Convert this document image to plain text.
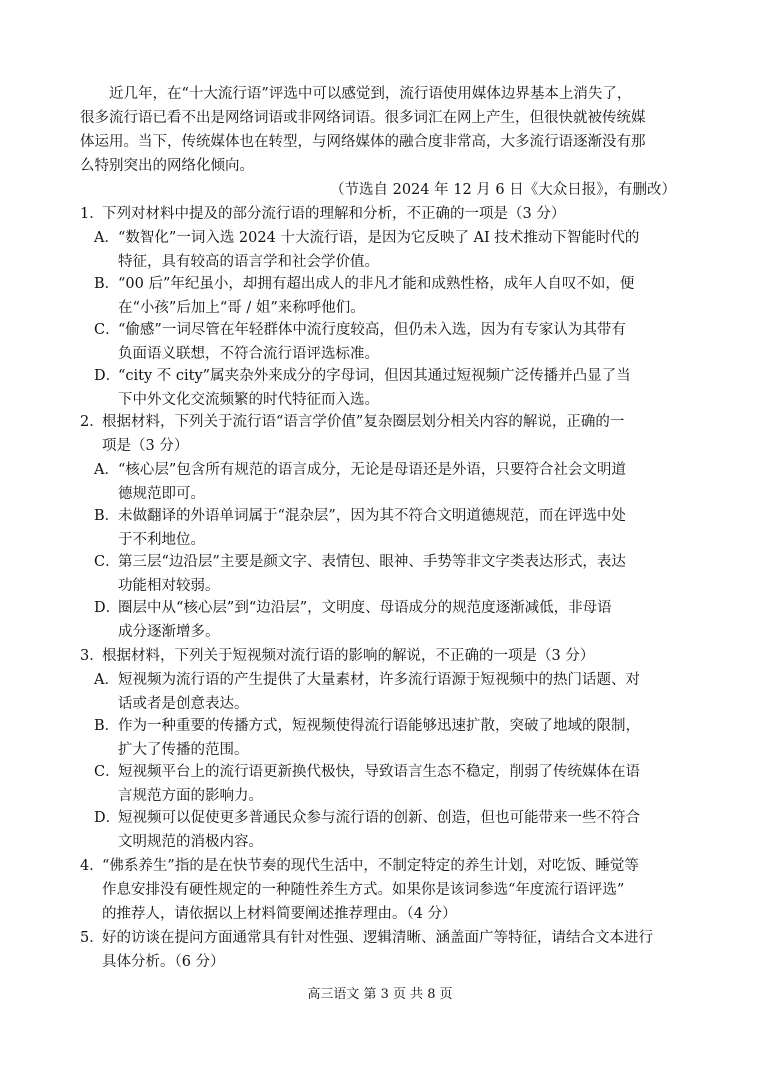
近几年，在“十大流行语”评选中可以感觉到，流行语使用媒体边界基本上消失了，
很多流行语已看不出是网络词语或非网络词语。很多词汇在网上产生，但很快就被传统媒
体运用。当下，传统媒体也在转型，与网络媒体的融合度非常高，大多流行语逐渐没有那
么特别突出的网络化倾向。
（节选自 2024 年 12 月 6 日《大众日报》，有删改）
1．
下列对材料中提及的部分流行语的理解和分析，不正确的一项是（3 分）
A． “数智化”一词入选 2024 十大流行语，是因为它反映了 AI 技术推动下智能时代的
特征，具有较高的语言学和社会学价值。
B．
“00 后”年纪虽小，却拥有超出成人的非凡才能和成熟性格，成年人自叹不如，便
在“小孩”后加上“哥 / 姐”来称呼他们。
C．
“偷感”一词尽管在年轻群体中流行度较高，但仍未入选，因为有专家认为其带有
负面语义联想，不符合流行语评选标准。
D．
“city 不 city”属夹杂外来成分的字母词，但因其通过短视频广泛传播并凸显了当
下中外文化交流频繁的时代特征而入选。
2．
根据材料，下列关于流行语“语言学价值”复杂圈层划分相关内容的解说，正确的一
项是（3 分）
A． “核心层”包含所有规范的语言成分，无论是母语还是外语，只要符合社会文明道
德规范即可。
B．
未做翻译的外语单词属于“混杂层”，因为其不符合文明道德规范，而在评选中处
于不利地位。
C．
第三层“边沿层”主要是颜文字、表情包、眼神、手势等非文字类表达形式，表达
功能相对较弱。
D．
圈层中从“核心层”到“边沿层”，文明度、母语成分的规范度逐渐减低，非母语
成分逐渐增多。
3．
根据材料，下列关于短视频对流行语的影响的解说，不正确的一项是（3 分）
A． 短视频为流行语的产生提供了大量素材，许多流行语源于短视频中的热门话题、对
话或者是创意表达。
B．
作为一种重要的传播方式，短视频使得流行语能够迅速扩散，突破了地域的限制，
扩大了传播的范围。
C．
短视频平台上的流行语更新换代极快，导致语言生态不稳定，削弱了传统媒体在语
言规范方面的影响力。
D．
短视频可以促使更多普通民众参与流行语的创新、创造，但也可能带来一些不符合
文明规范的消极内容。
4．
“佛系养生”指的是在快节奏的现代生活中，不制定特定的养生计划，对吃饭、睡觉等
作息安排没有硬性规定的一种随性养生方式。如果你是该词参选“年度流行语评选”
的推荐人，请依据以上材料简要阐述推荐理由。（4 分）
5．
好的访谈在提问方面通常具有针对性强、逻辑清晰、涵盖面广等特征，请结合文本进行
具体分析。（6 分）
高三语文 第 3 页 共 8 页
